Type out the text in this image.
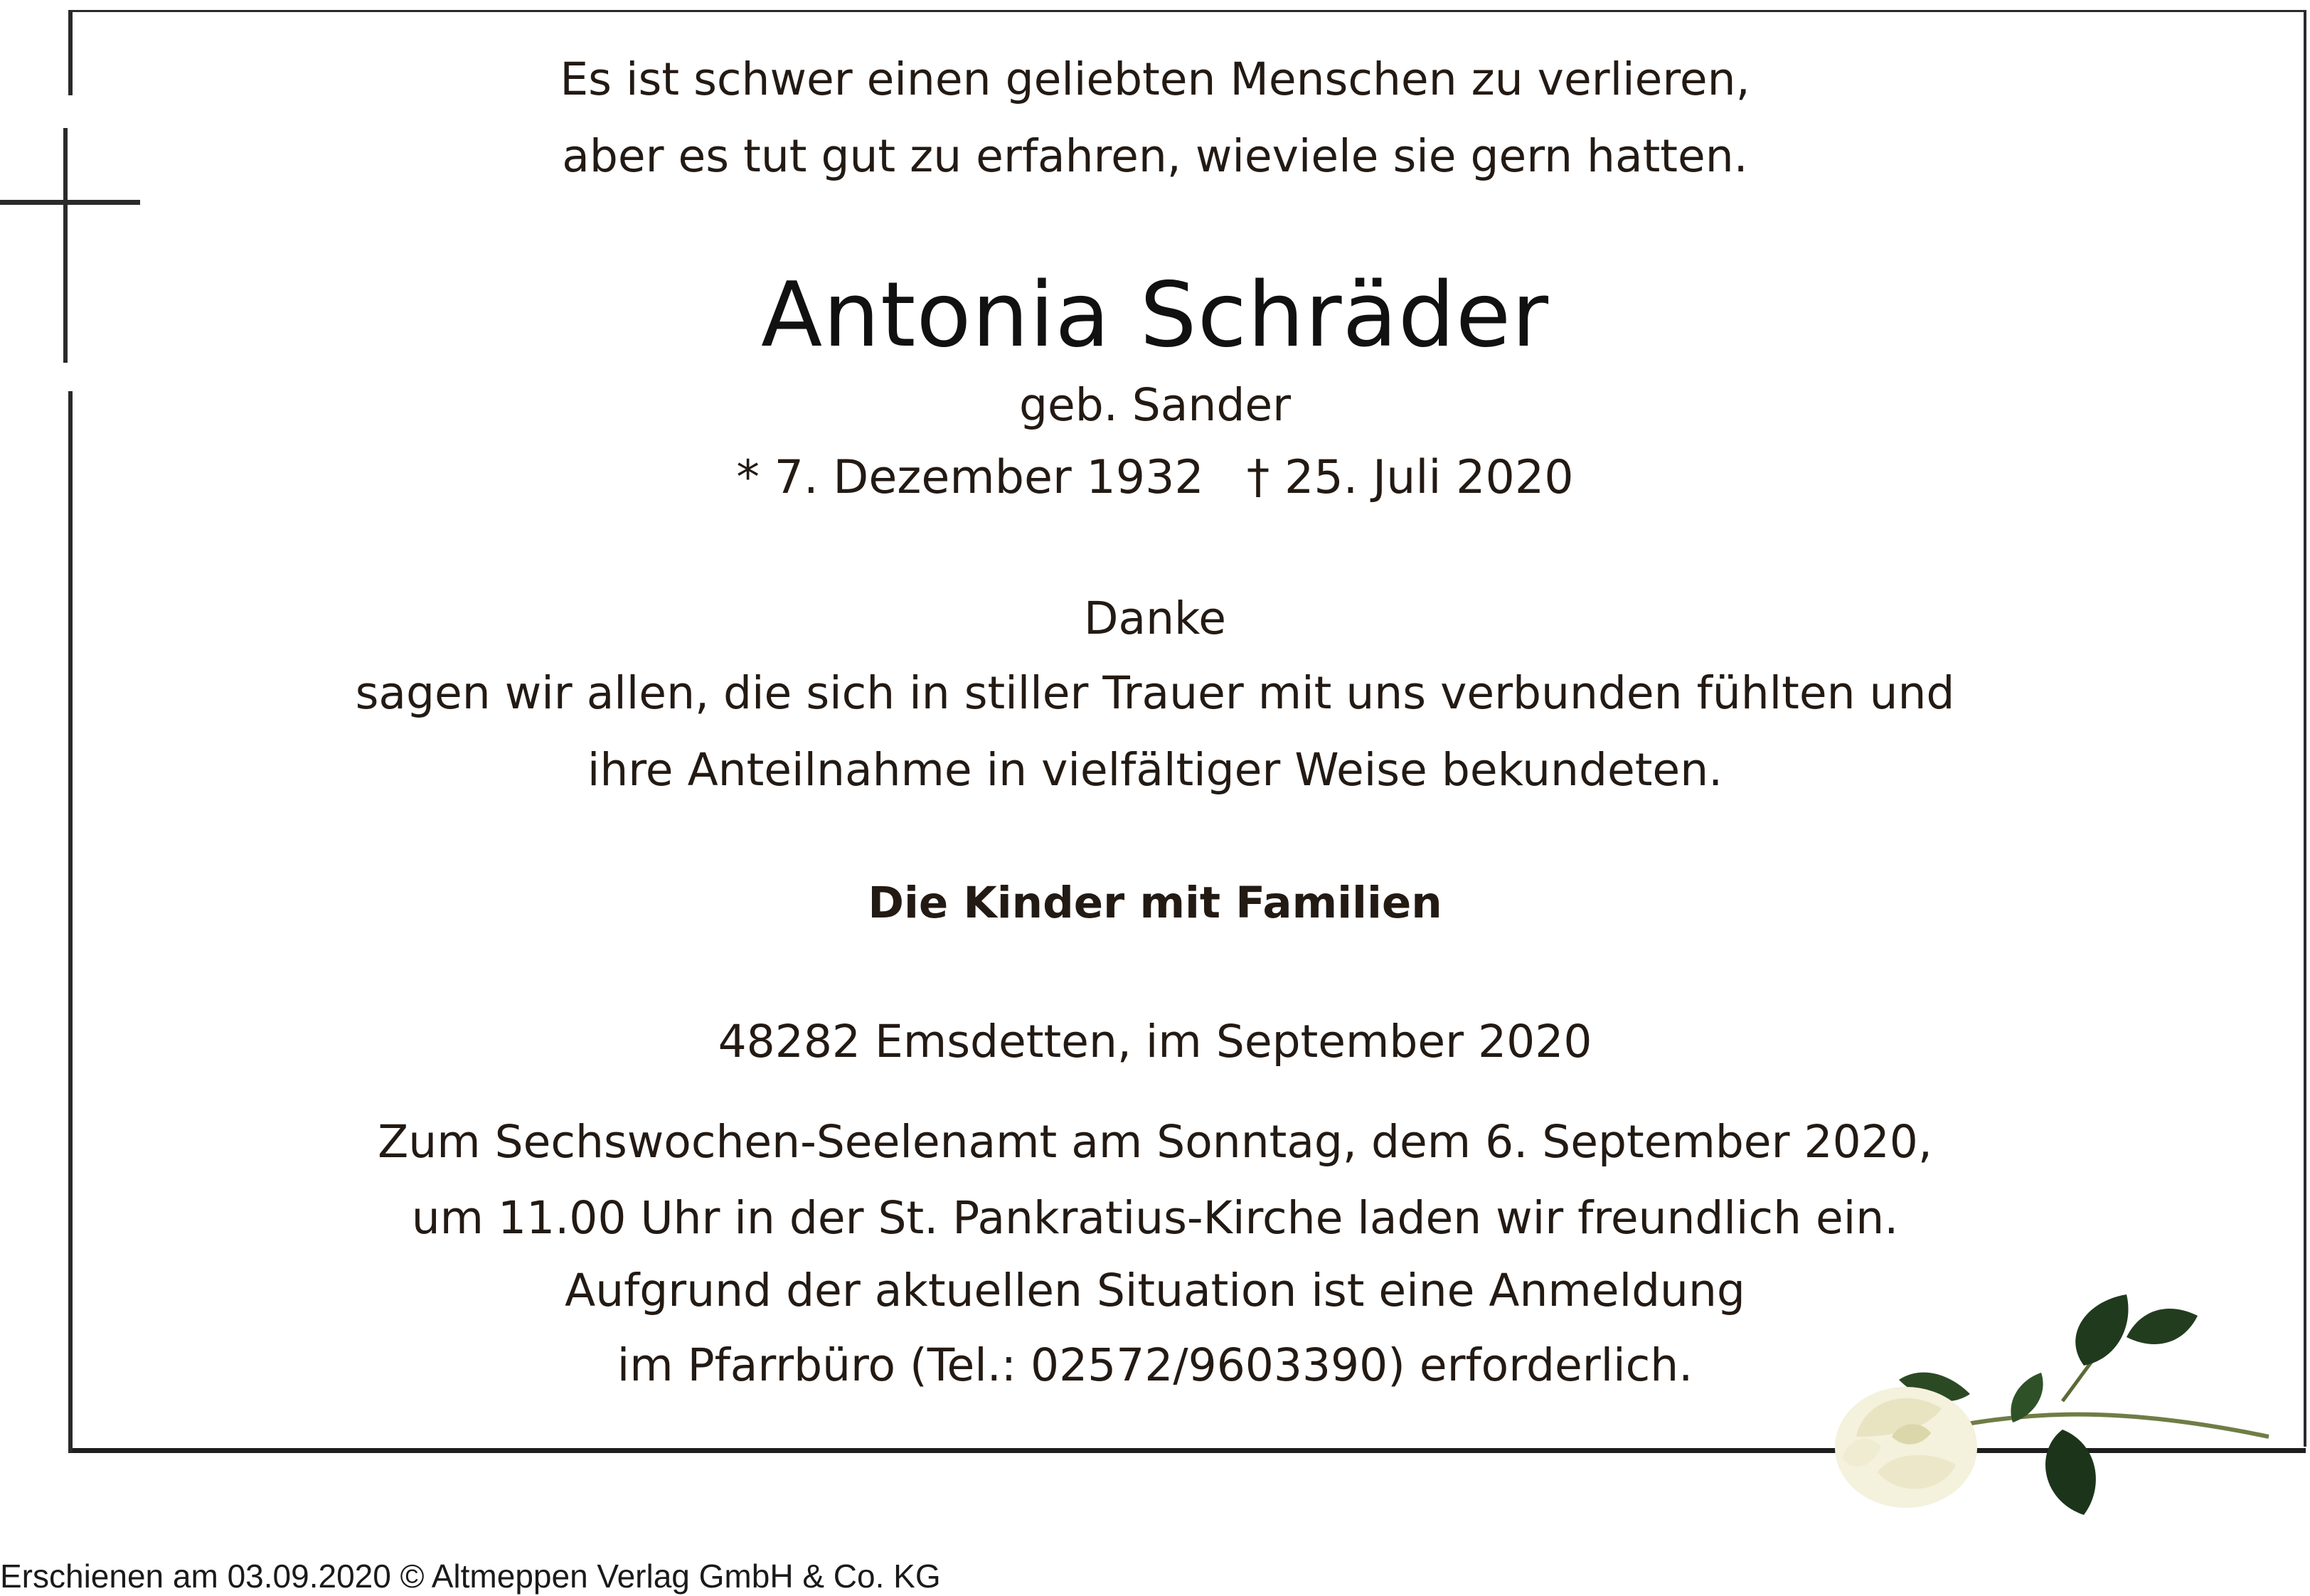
Es ist schwer einen geliebten Menschen zu verlieren,
aber es tut gut zu erfahren, wieviele sie gern hatten.
Antonia Schräder
geb. Sander
* 7. Dezember 1932 † 25. Juli 2020
Danke
sagen wir allen, die sich in stiller Trauer mit uns verbunden fühlten und
ihre Anteilnahme in vielfältiger Weise bekundeten.
Die Kinder mit Familien
48282 Emsdetten, im September 2020
Zum Sechswochen-Seelenamt am Sonntag, dem 6. September 2020,
um 11.00 Uhr in der St. Pankratius-Kirche laden wir freundlich ein.
Aufgrund der aktuellen Situation ist eine Anmeldung
im Pfarrbüro (Tel.: 02572/9603390) erforderlich.
Erschienen am 03.09.2020 © Altmeppen Verlag GmbH & Co. KG
